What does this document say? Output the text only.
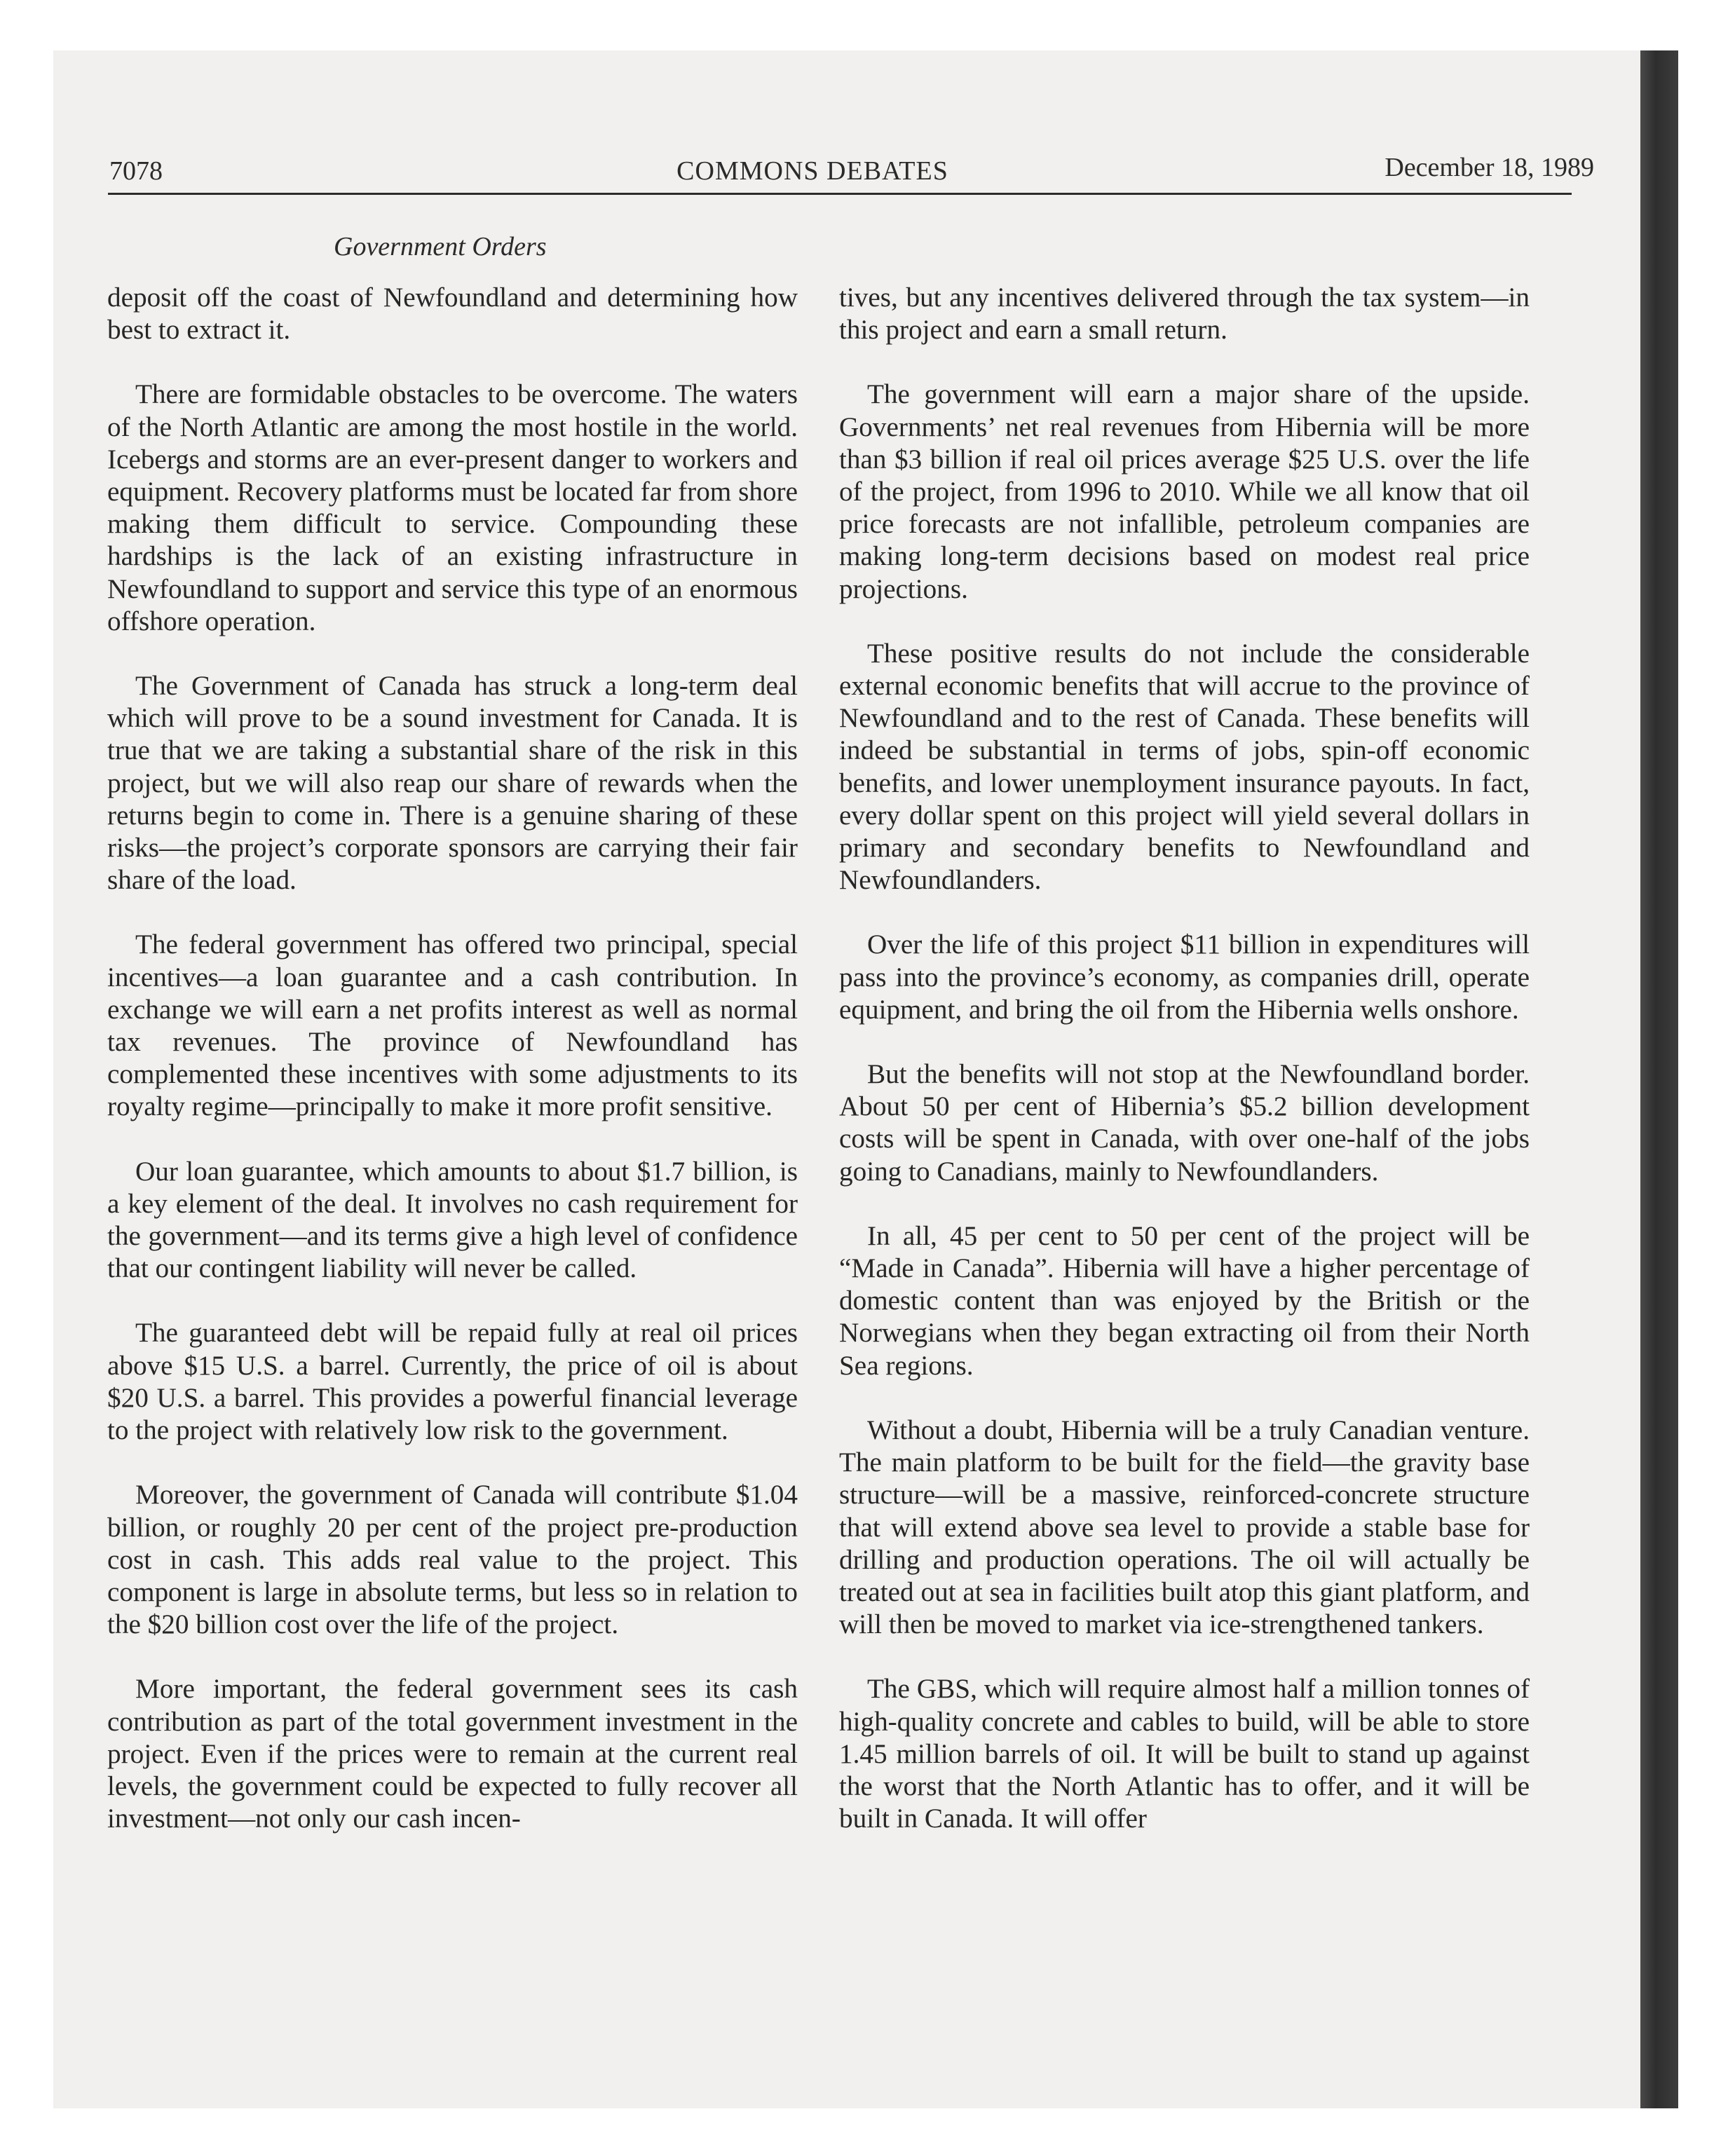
7078	COMMONS DEBATES	December 18, 1989
Government Orders

deposit off the coast of Newfoundland and determining how best to extract it.

There are formidable obstacles to be overcome. The waters of the North Atlantic are among the most hostile in the world. Icebergs and storms are an ever-present danger to workers and equipment. Recovery platforms must be located far from shore making them difficult to service. Compounding these hardships is the lack of an existing infrastructure in Newfoundland to support and service this type of an enormous offshore operation.

The Government of Canada has struck a long-term deal which will prove to be a sound investment for Canada. It is true that we are taking a substantial share of the risk in this project, but we will also reap our share of rewards when the returns begin to come in. There is a genuine sharing of these risks—the project’s corporate sponsors are carrying their fair share of the load.

The federal government has offered two principal, special incentives—a loan guarantee and a cash contribution. In exchange we will earn a net profits interest as well as normal tax revenues. The province of Newfoundland has complemented these incentives with some adjustments to its royalty regime—principally to make it more profit sensitive.

Our loan guarantee, which amounts to about $1.7 billion, is a key element of the deal. It involves no cash requirement for the government—and its terms give a high level of confidence that our contingent liability will never be called.

The guaranteed debt will be repaid fully at real oil prices above $15 U.S. a barrel. Currently, the price of oil is about $20 U.S. a barrel. This provides a powerful financial leverage to the project with relatively low risk to the government.

Moreover, the government of Canada will contribute $1.04 billion, or roughly 20 per cent of the project pre-production cost in cash. This adds real value to the project. This component is large in absolute terms, but less so in relation to the $20 billion cost over the life of the project.

More important, the federal government sees its cash contribution as part of the total government investment in the project. Even if the prices were to remain at the current real levels, the government could be expected to fully recover all investment—not only our cash incen-

tives, but any incentives delivered through the tax system—in this project and earn a small return.

The government will earn a major share of the upside. Governments’ net real revenues from Hibernia will be more than $3 billion if real oil prices average $25 U.S. over the life of the project, from 1996 to 2010. While we all know that oil price forecasts are not infallible, petroleum companies are making long-term decisions based on modest real price projections.

These positive results do not include the considerable external economic benefits that will accrue to the province of Newfoundland and to the rest of Canada. These benefits will indeed be substantial in terms of jobs, spin-off economic benefits, and lower unemployment insurance payouts. In fact, every dollar spent on this project will yield several dollars in primary and secondary benefits to Newfoundland and Newfoundlanders.

Over the life of this project $11 billion in expenditures will pass into the province’s economy, as companies drill, operate equipment, and bring the oil from the Hibernia wells onshore.

But the benefits will not stop at the Newfoundland border. About 50 per cent of Hibernia’s $5.2 billion development costs will be spent in Canada, with over one-half of the jobs going to Canadians, mainly to Newfoundlanders.

In all, 45 per cent to 50 per cent of the project will be “Made in Canada”. Hibernia will have a higher percentage of domestic content than was enjoyed by the British or the Norwegians when they began extracting oil from their North Sea regions.

Without a doubt, Hibernia will be a truly Canadian venture. The main platform to be built for the field—the gravity base structure—will be a massive, reinforced-concrete structure that will extend above sea level to provide a stable base for drilling and production operations. The oil will actually be treated out at sea in facilities built atop this giant platform, and will then be moved to market via ice-strengthened tankers.

The GBS, which will require almost half a million tonnes of high-quality concrete and cables to build, will be able to store 1.45 million barrels of oil. It will be built to stand up against the worst that the North Atlantic has to offer, and it will be built in Canada. It will offer
